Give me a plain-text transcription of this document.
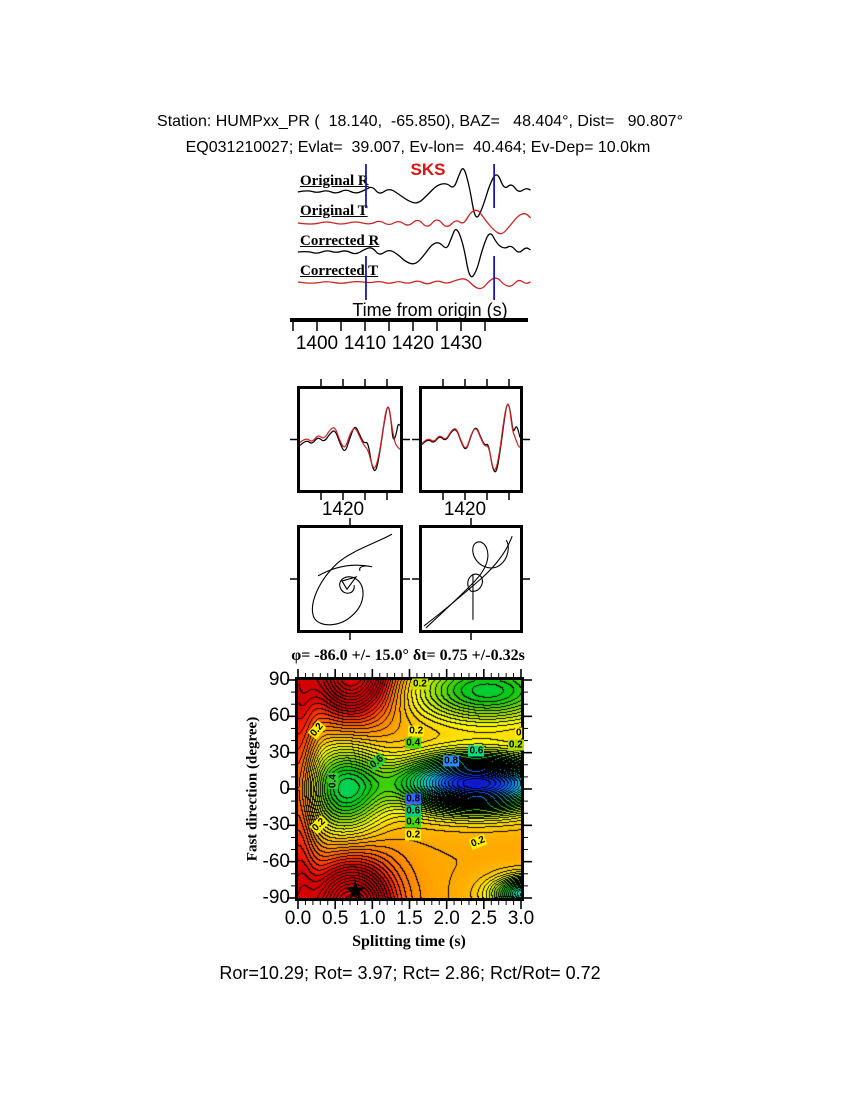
Station: HUMPxx_PR (  18.140,  -65.850), BAZ=   48.404°, Dist=   90.807°
EQ031210027; Evlat=  39.007, Ev-lon=  40.464; Ev-Dep= 10.0km
SKS
Original R
Original T
Corrected R
Corrected T
Time from origin (s)
1420	1420
φ= -86.0 +/- 15.0° δt= 0.75 +/-0.32s
Fast direction (degree)
Splitting time (s)
★
Ror=10.29; Rot= 3.97; Rct= 2.86; Rct/Rot= 0.72
1400 1410 1420 1430
0.0 0.5 1.0 1.5 2.0 2.5 3.0
90
60
30
0
-30
-60
-90
0.2
0.4
0.6
0
0.2
0.8
0.6
0.2
0.4
0.8
0.6
0.4
0.2	0.2
0.2
0.2
